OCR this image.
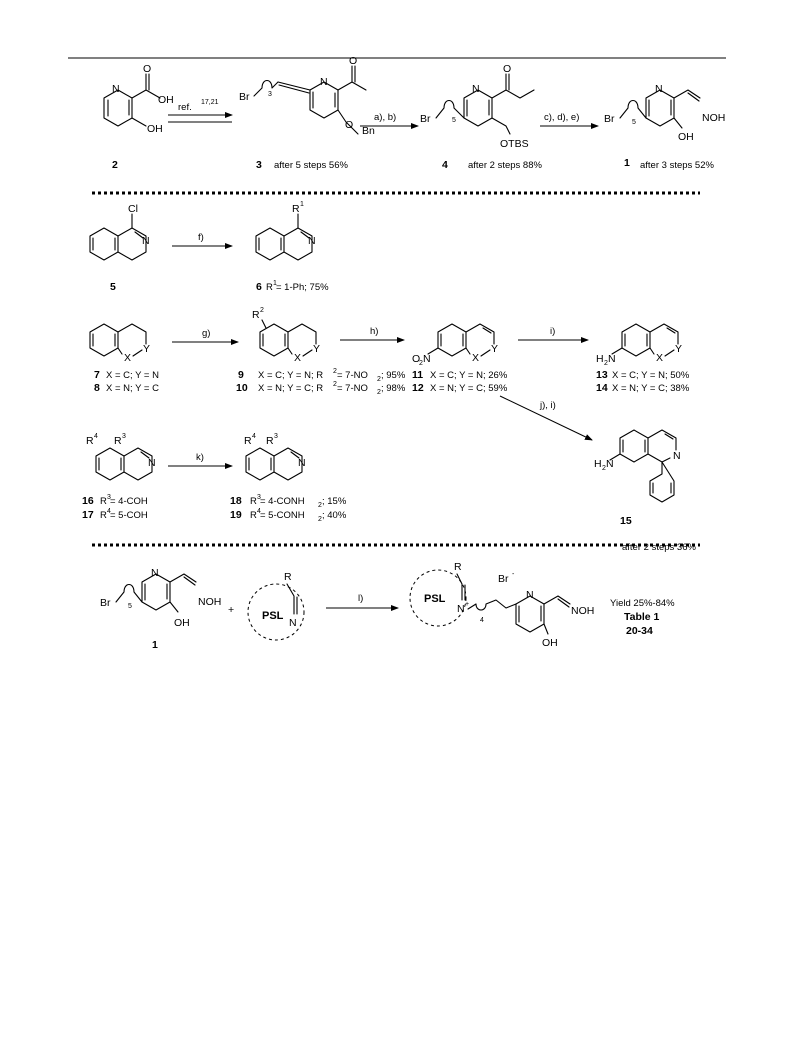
N
O
OH
OH
2
ref. 17,21 Br	3
N
O
O Bn
3 after 5 steps 56%
a), b) Br	5
N
O
OTBS
4 after 2 steps 88%
c), d), e) Br	5
N
NOH
OH
1 after 3 steps 52%
Cl
N
5
f)
R 1
N
6 R 1 = 1-Ph; 75%
X
Y
7 X = C; Y = N
8 X = N; Y = C
g)
R 2
X
Y
9 X = C; Y = N; R 2 = 7-NO 2 ; 95%
10 X = N; Y = C; R 2 = 7-NO 2 ; 98%
h)
O
2 N	X
Y
11 X = C; Y = N; 26%
12 X = N; Y = C; 59%
i)
H 2 N	X
Y
13 X = C; Y = N; 50%
14 X = N; Y = C; 38%
j), i)
H 2 N
N
15
after 2 steps 36%
R 4 R 3
N
16 R 3 = 4-COH
17 R 4 = 5-COH
k)
R 4 R 3
N
18 R 3 = 4-CONH 2 ; 15%
19 R 4 = 5-CONH 2 ; 40%
Br	5
N
NOH
OH
1
+
R
PSL
N
l)
R
PSL
N +
Br -
4
N
NOH
OH
Yield 25%-84%
Table 1
20-34
